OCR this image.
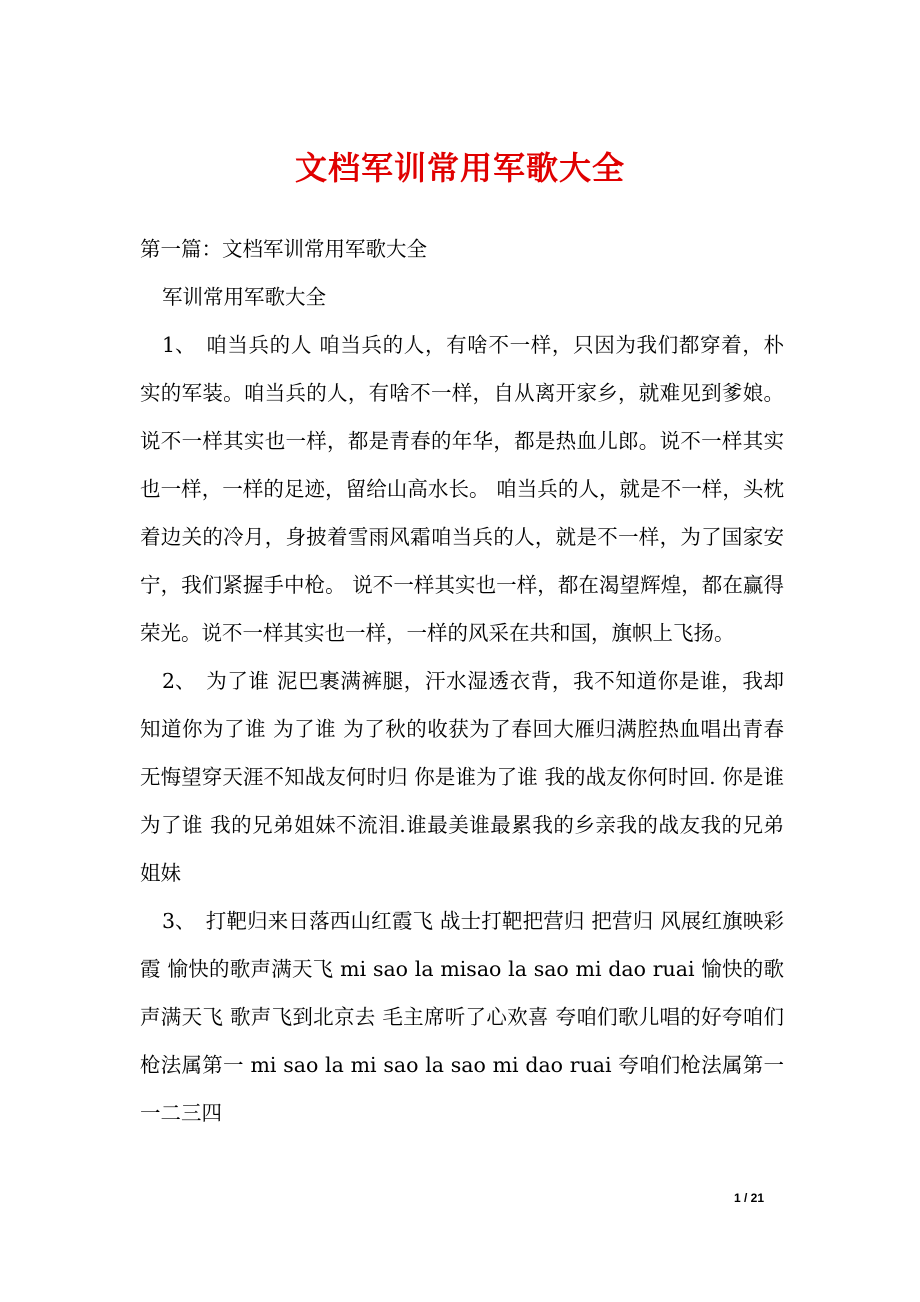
文档军训常用军歌大全

第一篇：文档军训常用军歌大全

军训常用军歌大全

1、 咱当兵的人 咱当兵的人，有啥不一样，只因为我们都穿着，朴实的军装。咱当兵的人，有啥不一样，自从离开家乡，就难见到爹娘。 说不一样其实也一样，都是青春的年华，都是热血儿郎。说不一样其实也一样，一样的足迹，留给山高水长。 咱当兵的人，就是不一样，头枕着边关的冷月，身披着雪雨风霜咱当兵的人，就是不一样，为了国家安宁，我们紧握手中枪。 说不一样其实也一样，都在渴望辉煌，都在赢得荣光。说不一样其实也一样，一样的风采在共和国，旗帜上飞扬。

2、 为了谁 泥巴裹满裤腿，汗水湿透衣背，我不知道你是谁，我却知道你为了谁 为了谁 为了秋的收获为了春回大雁归满腔热血唱出青春无悔望穿天涯不知战友何时归 你是谁为了谁 我的战友你何时回. 你是谁为了谁 我的兄弟姐妹不流泪.谁最美谁最累我的乡亲我的战友我的兄弟姐妹

3、 打靶归来日落西山红霞飞 战士打靶把营归 把营归 风展红旗映彩霞 愉快的歌声满天飞 mi sao la misao la sao mi dao ruai 愉快的歌声满天飞 歌声飞到北京去 毛主席听了心欢喜 夸咱们歌儿唱的好夸咱们枪法属第一 mi sao la mi sao la sao mi dao ruai 夸咱们枪法属第一 一二三四

1 / 21
